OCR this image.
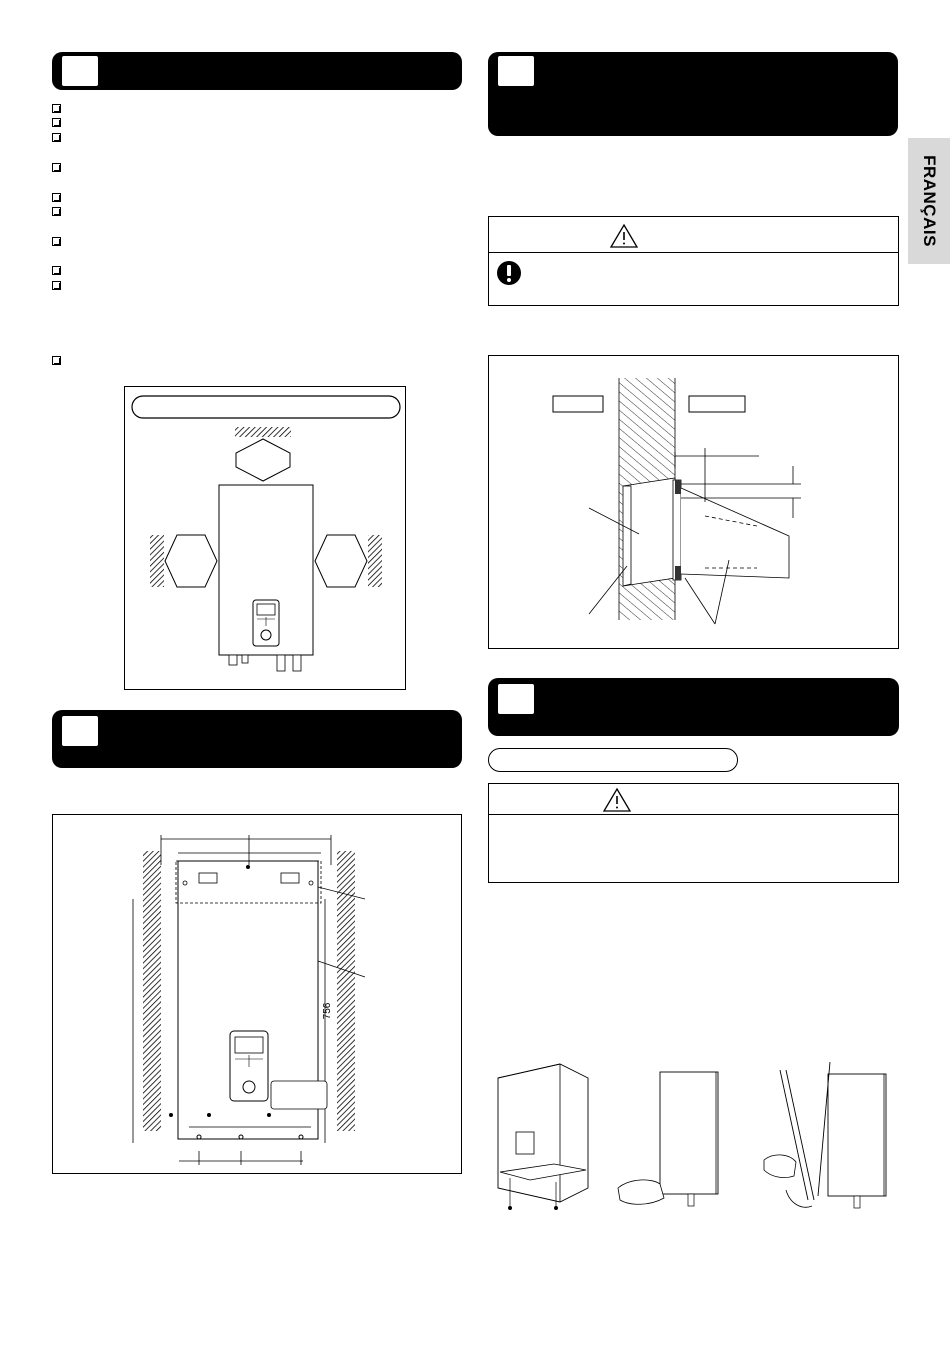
756
FRANÇAIS
